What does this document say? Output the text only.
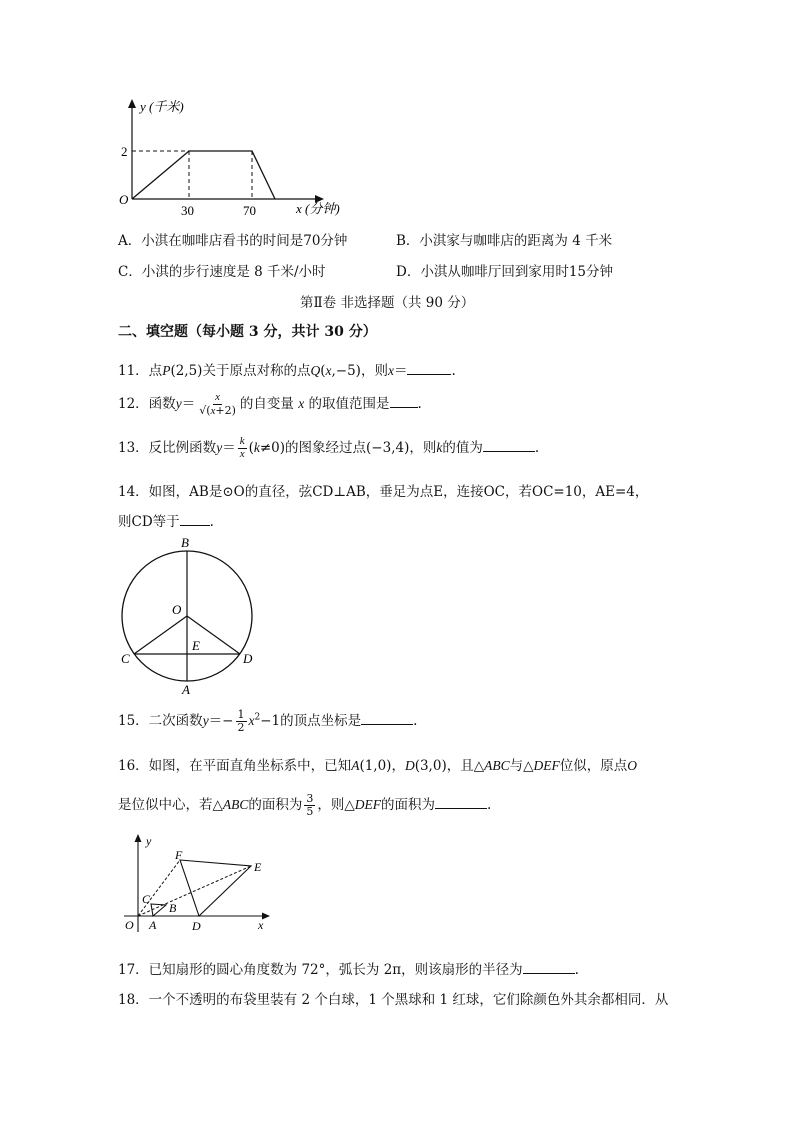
y (千米)
x (分钟)
O
2
30	70
A．小淇在咖啡店看书的时间是70分钟	B．小淇家与咖啡店的距离为 4 千米
C．小淇的步行速度是 8 千米/小时	D．小淇从咖啡厅回到家用时15分钟
第Ⅱ卷 非选择题（共 90 分）
二、填空题（每小题 3 分，共计 30 分）
11．点P(2,5)关于原点对称的点Q(x,−5)，则x＝	.
12．函数$y= \frac{x}{√(x+2)}$ 的自变量 x 的取值范围是 .
13．反比例函数$y= \frac{k}{x} (k\ne 0)$的图象经过点(−3,4)，则k的值为	.
14．如图，AB是⊙O的直径，弦CD⊥AB，垂足为点E，连接OC，若OC=10，AE=4，
则CD等于 .
B
O
E
C	D
A
15．二次函数$y=- \frac{1}{2} x^2-1$的顶点坐标是	.
16．如图，在平面直角坐标系中，已知A(1,0)，D(3,0)，且△ABC与△DEF位似，原点O
是位似中心，若△ABC的面积为 $\frac{3}{5}$ ，则△DEF的面积为	.
y
x
O A
B
C
D
E
F
17．已知扇形的圆心角度数为 72°，弧长为 2π，则该扇形的半径为	.
18．一个不透明的布袋里装有 2 个白球，1 个黑球和 1 红球，它们除颜色外其余都相同．从
